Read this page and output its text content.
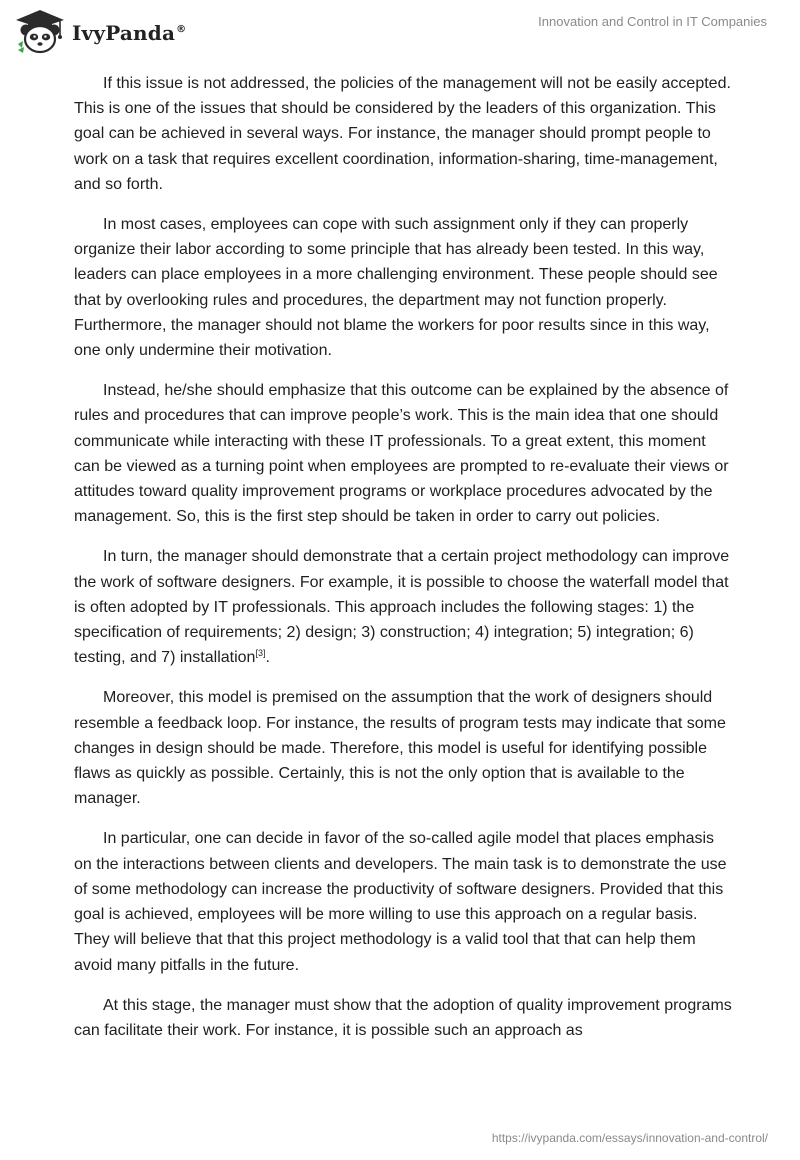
IvyPanda®
Innovation and Control in IT Companies

If this issue is not addressed, the policies of the management will not be easily accepted. This is one of the issues that should be considered by the leaders of this organization. This goal can be achieved in several ways. For instance, the manager should prompt people to work on a task that requires excellent coordination, information-sharing, time-management, and so forth.

In most cases, employees can cope with such assignment only if they can properly organize their labor according to some principle that has already been tested. In this way, leaders can place employees in a more challenging environment. These people should see that by overlooking rules and procedures, the department may not function properly. Furthermore, the manager should not blame the workers for poor results since in this way, one only undermine their motivation.

Instead, he/she should emphasize that this outcome can be explained by the absence of rules and procedures that can improve people’s work. This is the main idea that one should communicate while interacting with these IT professionals. To a great extent, this moment can be viewed as a turning point when employees are prompted to re-evaluate their views or attitudes toward quality improvement programs or workplace procedures advocated by the management. So, this is the first step should be taken in order to carry out policies.

In turn, the manager should demonstrate that a certain project methodology can improve the work of software designers. For example, it is possible to choose the waterfall model that is often adopted by IT professionals. This approach includes the following stages: 1) the specification of requirements; 2) design; 3) construction; 4) integration; 5) integration; 6) testing, and 7) installation[3].

Moreover, this model is premised on the assumption that the work of designers should resemble a feedback loop. For instance, the results of program tests may indicate that some changes in design should be made. Therefore, this model is useful for identifying possible flaws as quickly as possible. Certainly, this is not the only option that is available to the manager.

In particular, one can decide in favor of the so-called agile model that places emphasis on the interactions between clients and developers. The main task is to demonstrate the use of some methodology can increase the productivity of software designers. Provided that this goal is achieved, employees will be more willing to use this approach on a regular basis. They will believe that that this project methodology is a valid tool that that can help them avoid many pitfalls in the future.

At this stage, the manager must show that the adoption of quality improvement programs can facilitate their work. For instance, it is possible such an approach as

https://ivypanda.com/essays/innovation-and-control/
